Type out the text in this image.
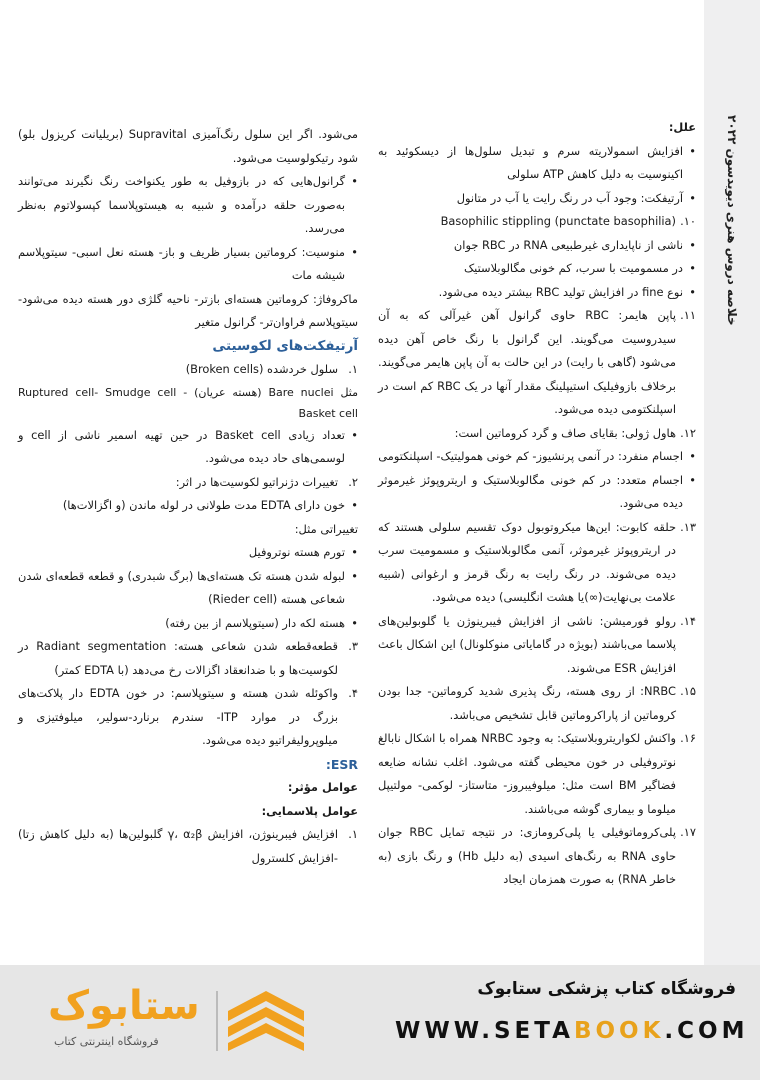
خلاصه دروس هنری دیویدسون ۲۰۲۲

علل:

• افزایش اسمولاریته سرم و تبدیل سلول‌ها از دیسکوئید به اکینوسیت به دلیل کاهش ATP سلولی

• آرتیفکت: وجود آب در رنگ رایت یا آب در متانول

۱۰.
(punctate basophilia) Basophilic stippling

• ناشی از ناپایداری غیرطبیعی RNA در RBC جوان

• در مسمومیت با سرب، کم خونی مگالوبلاستیک

• نوع fine در افزایش تولید RBC بیشتر دیده می‌شود.

۱۱.
پاپن هایمر: RBC حاوی گرانول آهن غیرآلی که به آن سیدروسیت می‌گویند. این گرانول با رنگ خاص آهن دیده می‌شود (گاهی با رایت) در این حالت به آن پاپن هایمر می‌گویند. برخلاف بازوفیلیک استیپلینگ مقدار آنها در یک RBC کم است در اسپلنکتومی دیده می‌شود.

۱۲.
هاول ژولی: بقایای صاف و گرد کروماتین است:

• اجسام منفرد: در آنمی پرنشیوز- کم خونی همولیتیک- اسپلنکتومی

• اجسام متعدد: در کم خونی مگالوبلاستیک و اریتروپوئز غیرموثر دیده می‌شود.

۱۳.
حلقه کابوت: این‌ها میکروتوبول دوک تقسیم سلولی هستند که در اریتروپوئز غیرموثر، آنمی مگالوبلاستیک و مسمومیت سرب دیده می‌شوند. در رنگ رایت به رنگ قرمز و ارغوانی (شبیه علامت بی‌نهایت(∞)یا هشت انگلیسی) دیده می‌شود.

۱۴.
رولو فورمیشن: ناشی از افزایش فیبرینوژن یا گلوبولین‌های پلاسما می‌باشند (بویژه در گامایاتی منوکلونال) این اشکال باعث افزایش ESR می‌شوند.

۱۵.
NRBC: از روی هسته، رنگ پذیری شدید کروماتین- جدا بودن کروماتین از پاراکروماتین قابل تشخیص می‌باشد.

۱۶.
واکنش لکواریتروبلاستیک: به وجود NRBC همراه با اشکال نابالغ نوتروفیلی در خون محیطی گفته می‌شود. اغلب نشانه ضایعه فضاگیر BM است مثل: میلوفیبروز- متاستاز- لوکمی- مولتیپل میلوما و بیماری گوشه می‌باشند.

۱۷.
پلی‌کروماتوفیلی یا پلی‌کرومازی: در نتیجه تمایل RBC جوان حاوی RNA به رنگ‌های اسیدی (به دلیل Hb) و رنگ بازی (به خاطر RNA) به صورت همزمان ایجاد

می‌شود. اگر این سلول رنگ‌آمیزی Supravital (بریلیانت کریزول بلو) شود رتیکولوسیت می‌شود.

• گرانول‌هایی که در بازوفیل به طور یکنواخت رنگ نگیرند می‌توانند به‌صورت حلقه درآمده و شبیه به هیستوپلاسما کپسولاتوم به‌نظر می‌رسد.

• منوسیت: کروماتین بسیار ظریف و باز- هسته نعل اسبی- سیتوپلاسم شیشه مات

ماکروفاژ: کروماتین هسته‌ای بازتر- ناحیه گلژی دور هسته دیده می‌شود- سیتوپلاسم فراوان‌تر- گرانول متغیر

آرتیفکت‌های لکوسیتی

۱.
سلول خردشده (Broken cells)

مثل Bare nuclei (هسته عریان) Ruptured cell- Smudge cell -Basket cell

• تعداد زیادی Basket cell در حین تهیه اسمیر ناشی از cell و لوسمی‌های حاد دیده می‌شود.

۲.
تغییرات دژنراتیو لکوسیت‌ها در اثر:

• خون دارای EDTA مدت طولانی در لوله ماندن (و اگزالات‌ها)

تغییراتی مثل:

• تورم هسته نوتروفیل

• لبوله شدن هسته تک هسته‌ای‌ها (برگ شبدری) و قطعه قطعه‌ای شدن شعاعی هسته (Rieder cell)

• هسته لکه دار (سیتوپلاسم از بین رفته)

۳.
قطعه‌قطعه شدن شعاعی هسته: Radiant segmentation در لکوسیت‌ها و با ضدانعقاد اگزالات رخ می‌دهد (با EDTA کمتر)

۴.
واکوئله شدن هسته و سیتوپلاسم: در خون EDTA دار پلاکت‌های بزرگ در موارد ITP- سندرم برنارد-سولیر، میلوفتیزی و میلوپرولیفراتیو دیده می‌شود.

ESR:

عوامل مؤثر:

عوامل پلاسمایی:

۱.
افزایش فیبرینوژن، افزایش γ، α₂β گلبولین‌ها (به دلیل کاهش زتا) -افزایش کلسترول

فروشگاه کتاب پزشکی ستابوک
WWW.SETABOOK.COM
ستابوک
فروشگاه اینترنتی کتاب
